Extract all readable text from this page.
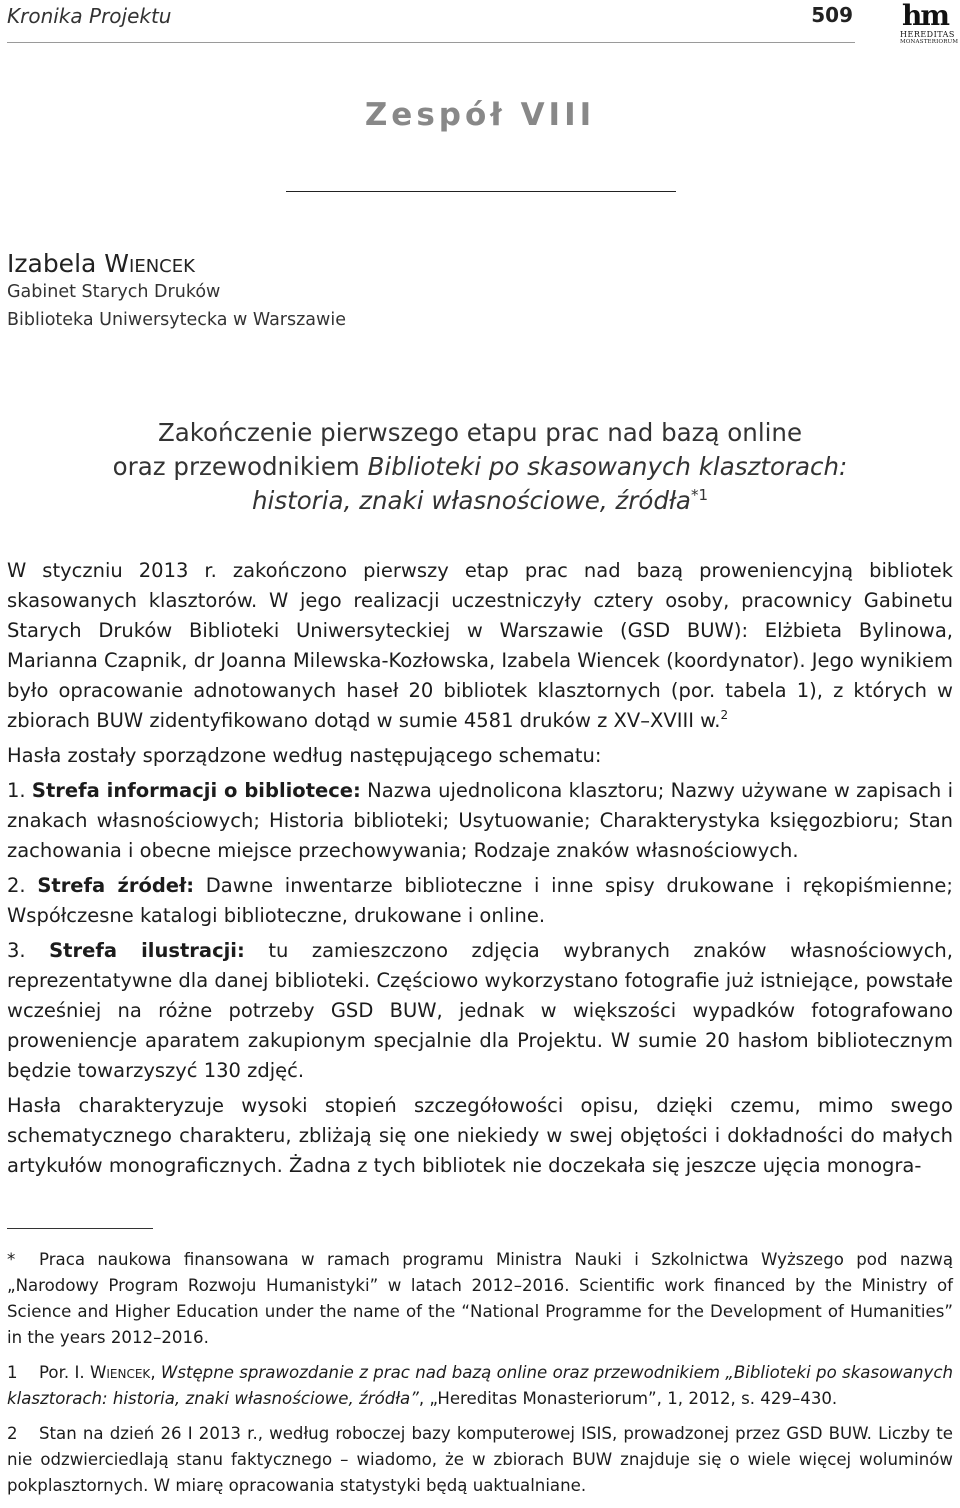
Kronika Projektu	509 hm
HEREDITAS
MONASTERIORUM
Zespół VIII
Izabela Wiencek
Gabinet Starych Druków
Biblioteka Uniwersytecka w Warszawie
Zakończenie pierwszego etapu prac nad bazą online
oraz przewodnikiem Biblioteki po skasowanych klasztorach:
historia, znaki własnościowe, źródła$^{*1}$

W styczniu 2013 r. zakończono pierwszy etap prac nad bazą proweniencyjną bibliotek skasowanych klasztorów. W jego realizacji uczestniczyły cztery osoby, pracownicy Gabinetu Starych Druków Biblioteki Uniwersyteckiej w Warszawie (GSD BUW): Elżbieta Bylinowa, Marianna Czapnik, dr Joanna Milewska-Kozłowska, Izabela Wiencek (koordynator). Jego wynikiem było opracowanie adnotowanych haseł 20 bibliotek klasztornych (por. tabela 1), z których w zbiorach BUW zidentyfikowano dotąd w sumie 4581 druków z XV–XVIII w.$^2$

Hasła zostały sporządzone według następującego schematu:

1. Strefa informacji o bibliotece: Nazwa ujednolicona klasztoru; Nazwy używane w zapisach i znakach własnościowych; Historia biblioteki; Usytuowanie; Charakterystyka księgozbioru; Stan zachowania i obecne miejsce przechowywania; Rodzaje znaków własnościowych.

2. Strefa źródeł: Dawne inwentarze biblioteczne i inne spisy drukowane i rękopiśmienne; Współczesne katalogi biblioteczne, drukowane i online.

3. Strefa ilustracji: tu zamieszczono zdjęcia wybranych znaków własnościowych, reprezentatywne dla danej biblioteki. Częściowo wykorzystano fotografie już istniejące, powstałe wcześniej na różne potrzeby GSD BUW, jednak w większości wypadków fotografowano proweniencje aparatem zakupionym specjalnie dla Projektu. W sumie 20 hasłom bibliotecznym będzie towarzyszyć 130 zdjęć.

Hasła charakteryzuje wysoki stopień szczegółowości opisu, dzięki czemu, mimo swego schematycznego charakteru, zbliżają się one niekiedy w swej objętości i dokładności do małych artykułów monograficznych. Żadna z tych bibliotek nie doczekała się jeszcze ujęcia monogra-

* Praca naukowa finansowana w ramach programu Ministra Nauki i Szkolnictwa Wyższego pod nazwą „Narodowy Program Rozwoju Humanistyki” w latach 2012–2016. Scientific work financed by the Ministry of Science and Higher Education under the name of the “National Programme for the Development of Humanities” in the years 2012–2016.

1 Por. I. Wiencek, Wstępne sprawozdanie z prac nad bazą online oraz przewodnikiem „Biblioteki po skasowanych klasztorach: historia, znaki własnościowe, źródła”, „Hereditas Monasteriorum”, 1, 2012, s. 429–430.

2 Stan na dzień 26 I 2013 r., według roboczej bazy komputerowej ISIS, prowadzonej przez GSD BUW. Liczby te nie odzwierciedlają stanu faktycznego – wiadomo, że w zbiorach BUW znajduje się o wiele więcej woluminów pokplasztornych. W miarę opracowania statystyki będą uaktualniane.
